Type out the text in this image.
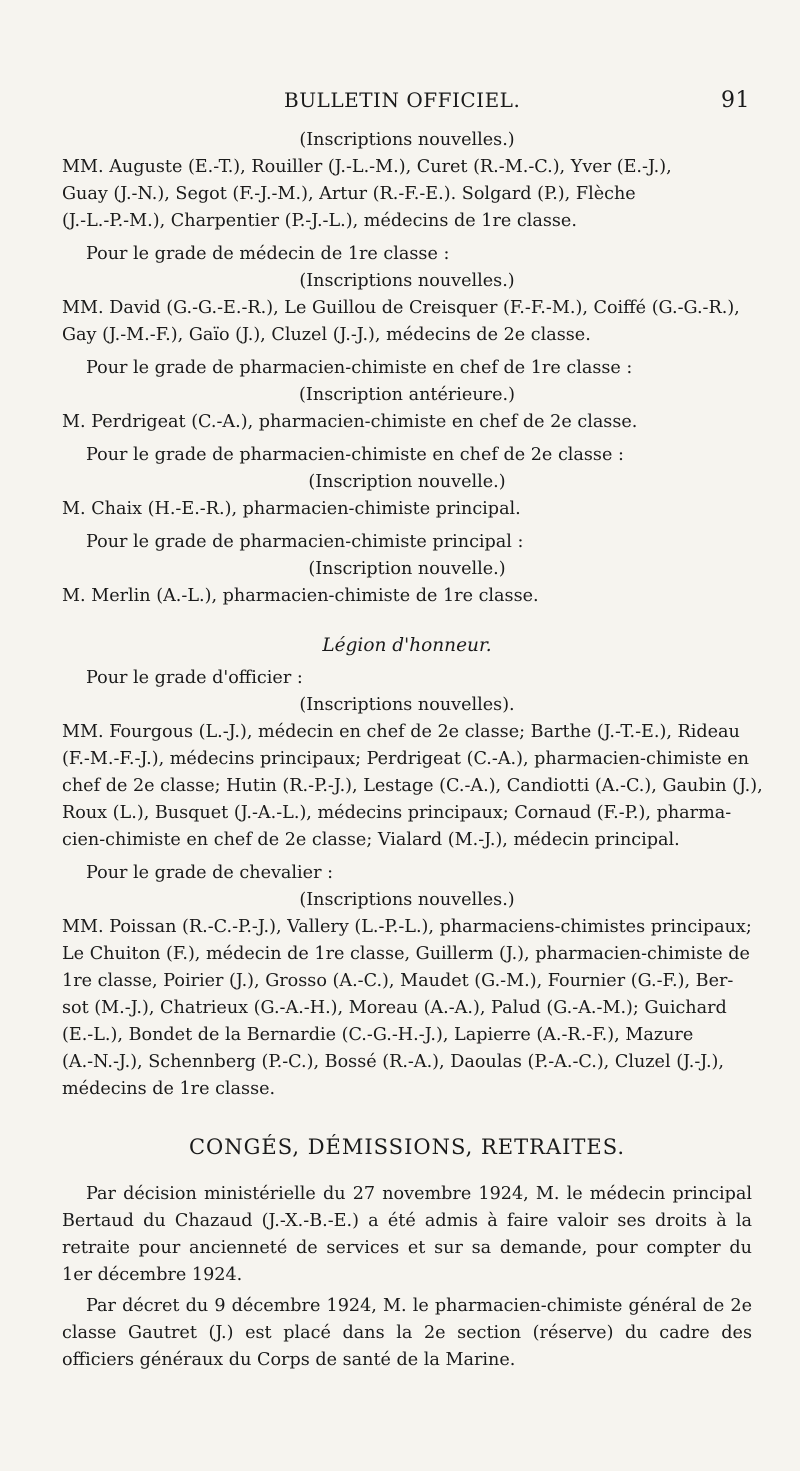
BULLETIN OFFICIEL.	91
(Inscriptions nouvelles.)
MM. Auguste (E.-T.), Rouiller (J.-L.-M.), Curet (R.-M.-C.), Yver (E.-J.),
Guay (J.-N.), Segot (F.-J.-M.), Artur (R.-F.-E.). Solgard (P.), Flèche
(J.-L.-P.-M.), Charpentier (P.-J.-L.), médecins de 1re classe.
Pour le grade de médecin de 1re classe :
(Inscriptions nouvelles.)
MM. David (G.-G.-E.-R.), Le Guillou de Creisquer (F.-F.-M.), Coiffé (G.-G.-R.),
Gay (J.-M.-F.), Gaïo (J.), Cluzel (J.-J.), médecins de 2e classe.
Pour le grade de pharmacien-chimiste en chef de 1re classe :
(Inscription antérieure.)
M. Perdrigeat (C.-A.), pharmacien-chimiste en chef de 2e classe.
Pour le grade de pharmacien-chimiste en chef de 2e classe :
(Inscription nouvelle.)
M. Chaix (H.-E.-R.), pharmacien-chimiste principal.
Pour le grade de pharmacien-chimiste principal :
(Inscription nouvelle.)
M. Merlin (A.-L.), pharmacien-chimiste de 1re classe.
Légion d'honneur.
Pour le grade d'officier :
(Inscriptions nouvelles).
MM. Fourgous (L.-J.), médecin en chef de 2e classe; Barthe (J.-T.-E.), Rideau
(F.-M.-F.-J.), médecins principaux; Perdrigeat (C.-A.), pharmacien-chimiste en
chef de 2e classe; Hutin (R.-P.-J.), Lestage (C.-A.), Candiotti (A.-C.), Gaubin (J.),
Roux (L.), Busquet (J.-A.-L.), médecins principaux; Cornaud (F.-P.), pharma-
cien-chimiste en chef de 2e classe; Vialard (M.-J.), médecin principal.
Pour le grade de chevalier :
(Inscriptions nouvelles.)
MM. Poissan (R.-C.-P.-J.), Vallery (L.-P.-L.), pharmaciens-chimistes principaux;
Le Chuiton (F.), médecin de 1re classe, Guillerm (J.), pharmacien-chimiste de
1re classe, Poirier (J.), Grosso (A.-C.), Maudet (G.-M.), Fournier (G.-F.), Ber-
sot (M.-J.), Chatrieux (G.-A.-H.), Moreau (A.-A.), Palud (G.-A.-M.); Guichard
(E.-L.), Bondet de la Bernardie (C.-G.-H.-J.), Lapierre (A.-R.-F.), Mazure
(A.-N.-J.), Schennberg (P.-C.), Bossé (R.-A.), Daoulas (P.-A.-C.), Cluzel (J.-J.),
médecins de 1re classe.
CONGÉS, DÉMISSIONS, RETRAITES.

Par décision ministérielle du 27 novembre 1924, M. le médecin principal Bertaud du Chazaud (J.-X.-B.-E.) a été admis à faire valoir ses droits à la retraite pour ancienneté de services et sur sa demande, pour compter du 1er décembre 1924.

Par décret du 9 décembre 1924, M. le pharmacien-chimiste général de 2e classe Gautret (J.) est placé dans la 2e section (réserve) du cadre des officiers généraux du Corps de santé de la Marine.
